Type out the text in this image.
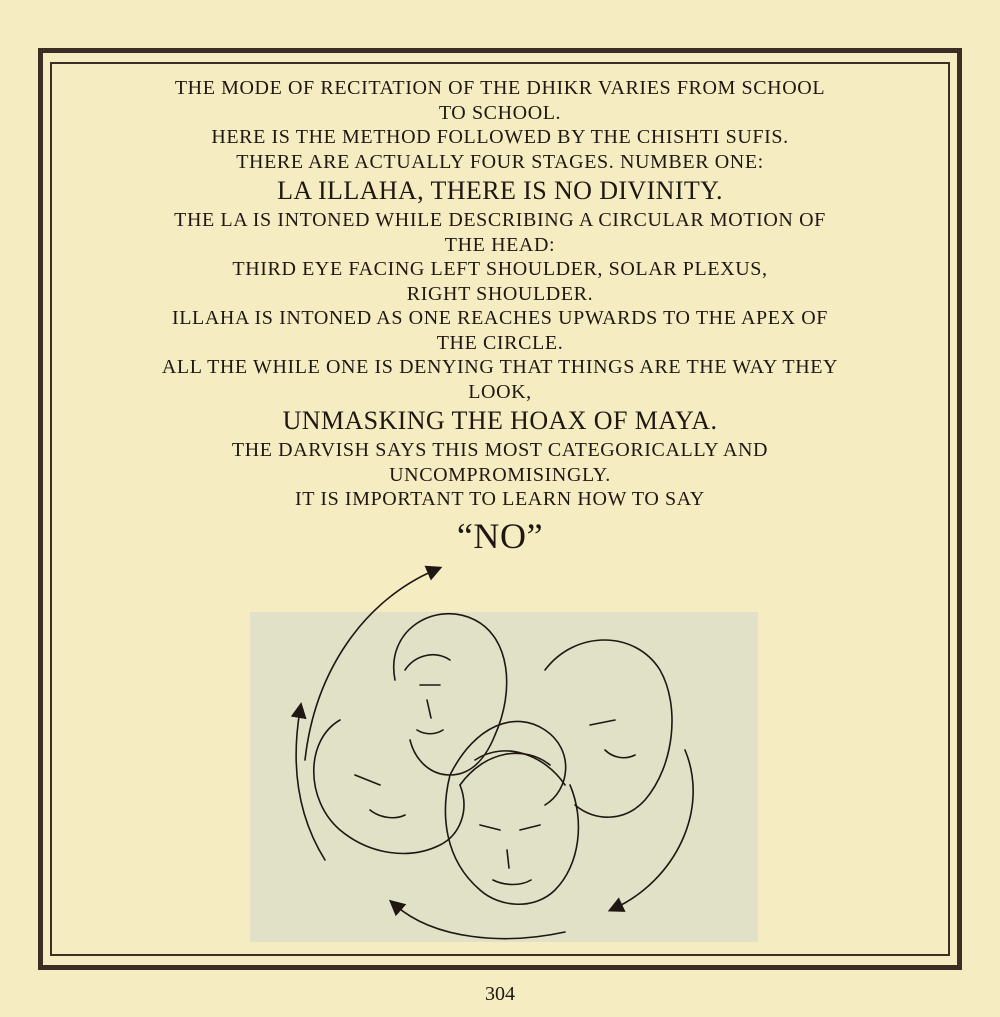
THE MODE OF RECITATION OF THE DHIKR VARIES FROM SCHOOL
TO SCHOOL.
HERE IS THE METHOD FOLLOWED BY THE CHISHTI SUFIS.
THERE ARE ACTUALLY FOUR STAGES. NUMBER ONE:
LA ILLAHA, THERE IS NO DIVINITY.
THE LA IS INTONED WHILE DESCRIBING A CIRCULAR MOTION OF
THE HEAD:
THIRD EYE FACING LEFT SHOULDER, SOLAR PLEXUS,
RIGHT SHOULDER.
ILLAHA IS INTONED AS ONE REACHES UPWARDS TO THE APEX OF
THE CIRCLE.
ALL THE WHILE ONE IS DENYING THAT THINGS ARE THE WAY THEY
LOOK,
UNMASKING THE HOAX OF MAYA.
THE DARVISH SAYS THIS MOST CATEGORICALLY AND
UNCOMPROMISINGLY.
IT IS IMPORTANT TO LEARN HOW TO SAY
“NO”
304
